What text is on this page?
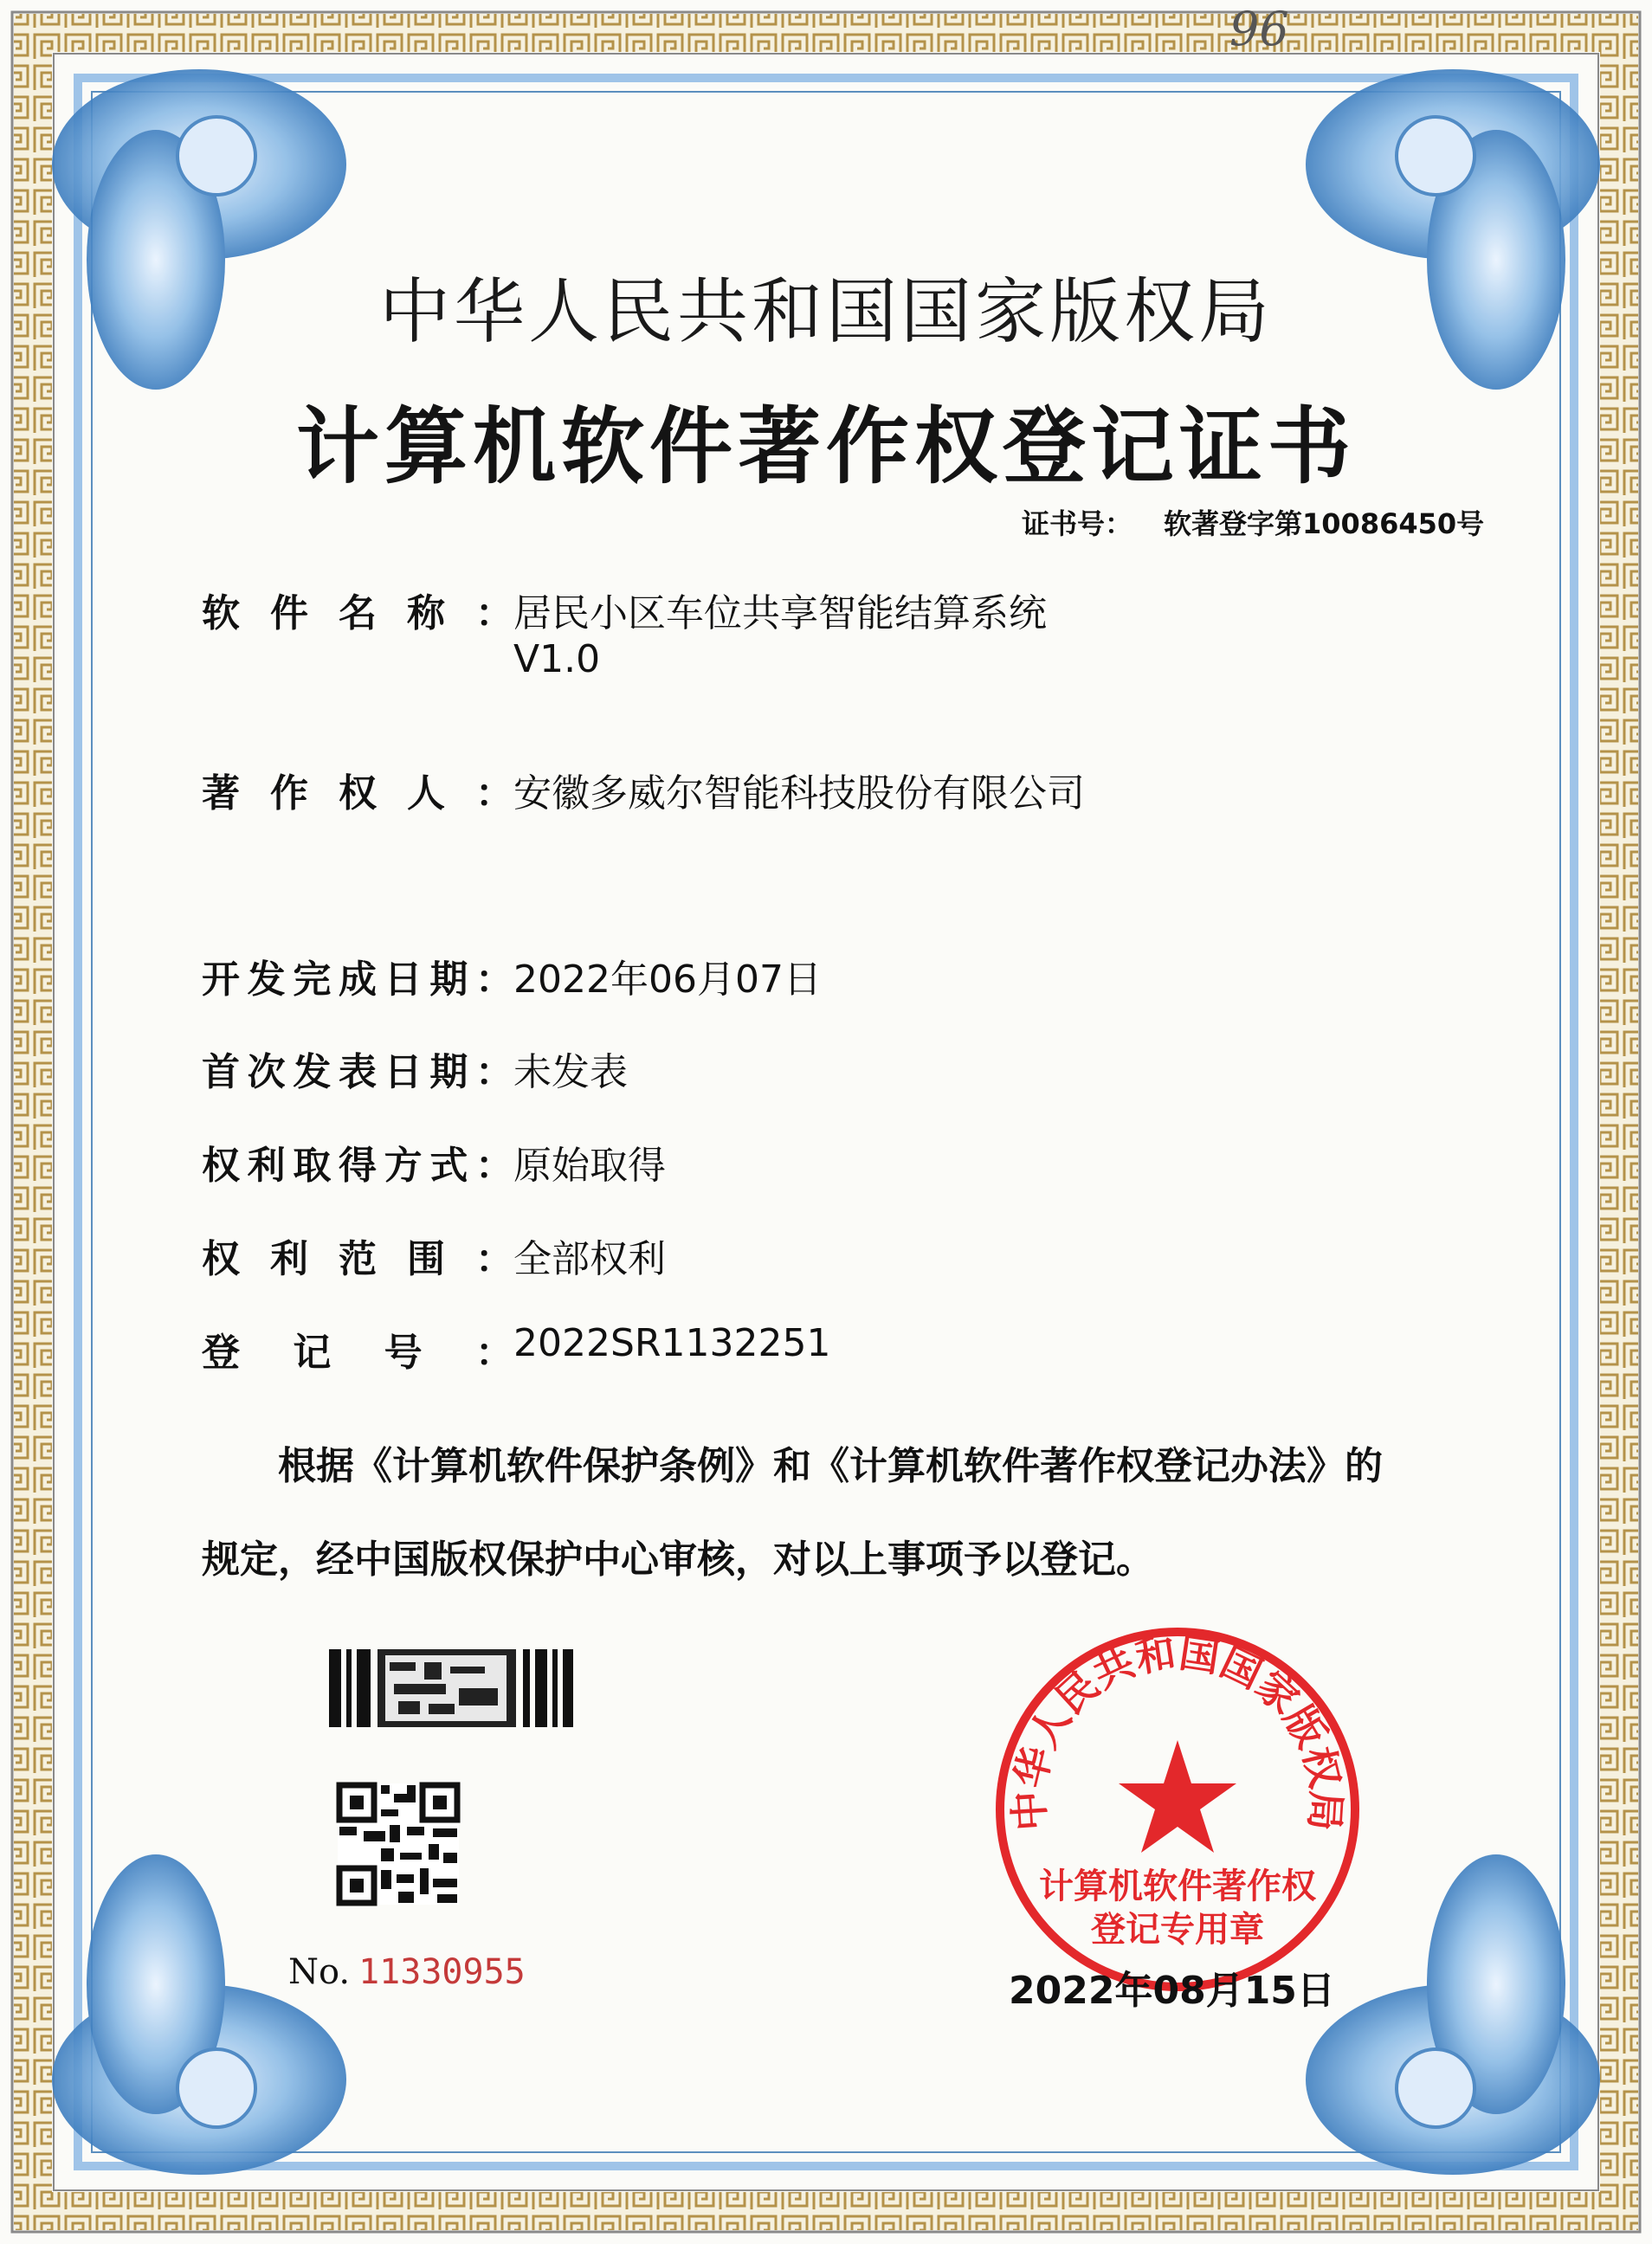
96
中华人民共和国国家版权局
计算机软件著作权登记证书
证书号： 软著登字第10086450号
软件名称： 居民小区车位共享智能结算系统
V1.0
著作权人： 安徽多威尔智能科技股份有限公司
开发完成日期： 2022年06月07日
首次发表日期： 未发表
权利取得方式： 原始取得
权利范围： 全部权利
登记号： 2022SR1132251
根据《计算机软件保护条例》和《计算机软件著作权登记办法》的
规定，经中国版权保护中心审核，对以上事项予以登记。
No. 11330955
中华人民共和国国家版权局
计算机软件著作权
登记专用章
2022年08月15日
